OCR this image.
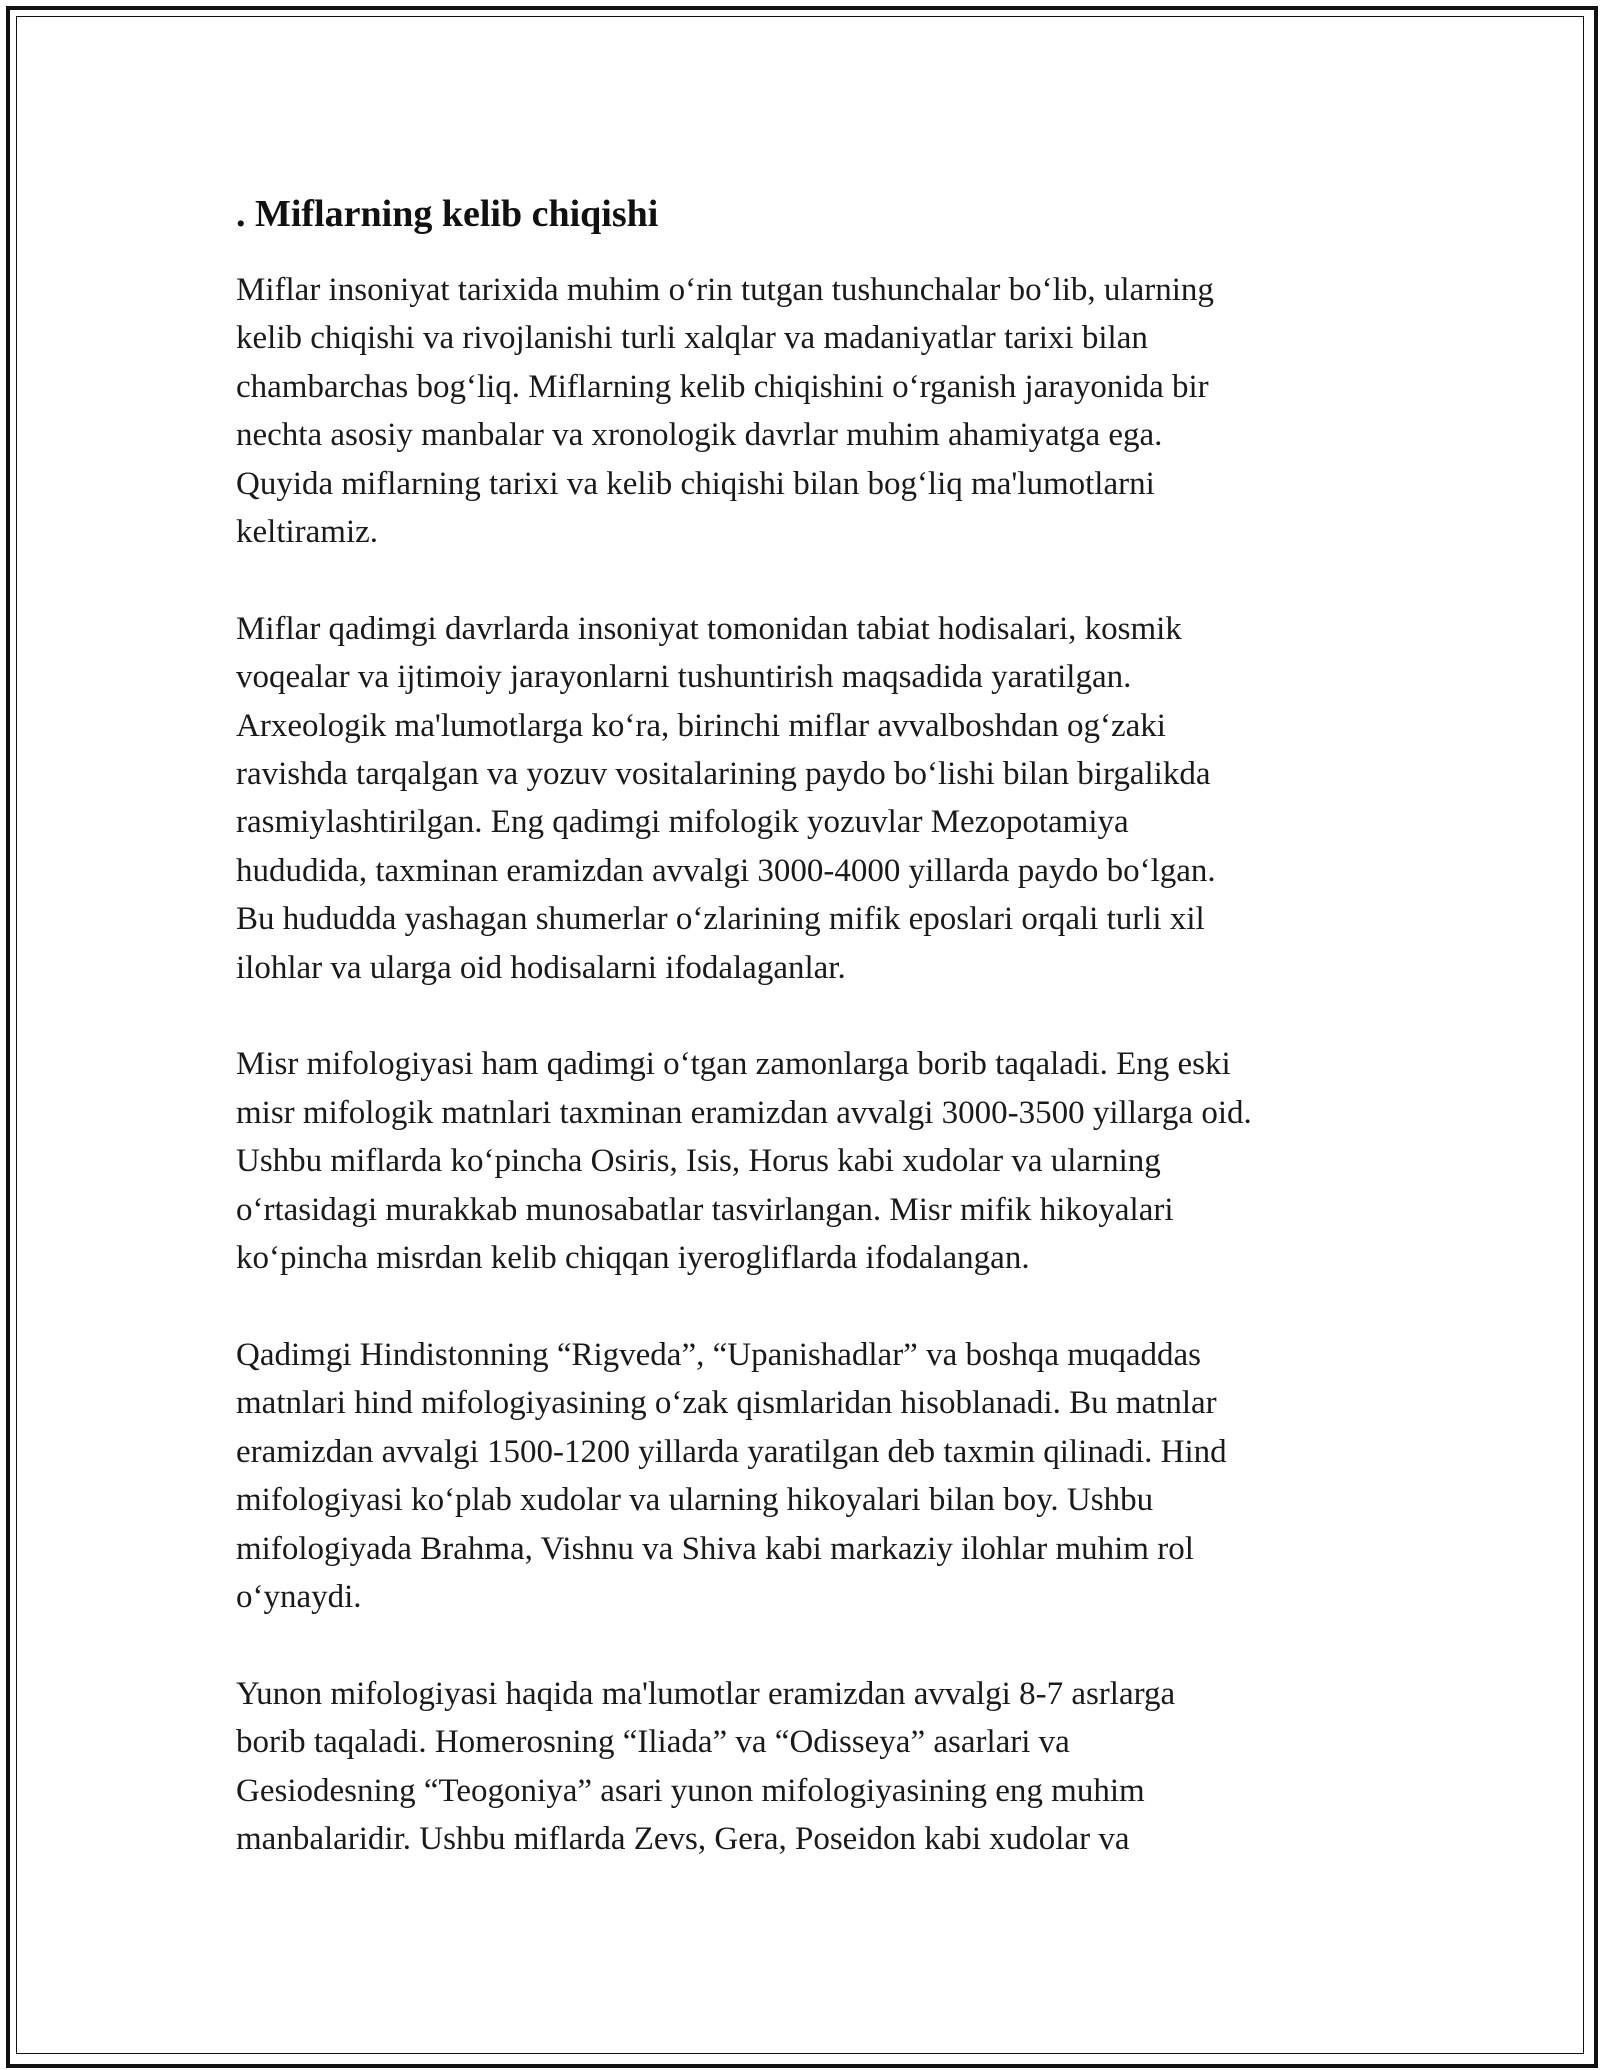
. Miflarning kelib chiqishi

Miflar insoniyat tarixida muhim o‘rin tutgan tushunchalar bo‘lib, ularning
kelib chiqishi va rivojlanishi turli xalqlar va madaniyatlar tarixi bilan
chambarchas bog‘liq. Miflarning kelib chiqishini o‘rganish jarayonida bir
nechta asosiy manbalar va xronologik davrlar muhim ahamiyatga ega.
Quyida miflarning tarixi va kelib chiqishi bilan bog‘liq ma'lumotlarni
keltiramiz.

Miflar qadimgi davrlarda insoniyat tomonidan tabiat hodisalari, kosmik
voqealar va ijtimoiy jarayonlarni tushuntirish maqsadida yaratilgan.
Arxeologik ma'lumotlarga ko‘ra, birinchi miflar avvalboshdan og‘zaki
ravishda tarqalgan va yozuv vositalarining paydo bo‘lishi bilan birgalikda
rasmiylashtirilgan. Eng qadimgi mifologik yozuvlar Mezopotamiya
hududida, taxminan eramizdan avvalgi 3000-4000 yillarda paydo bo‘lgan.
Bu hududda yashagan shumerlar o‘zlarining mifik eposlari orqali turli xil
ilohlar va ularga oid hodisalarni ifodalaganlar.

Misr mifologiyasi ham qadimgi o‘tgan zamonlarga borib taqaladi. Eng eski
misr mifologik matnlari taxminan eramizdan avvalgi 3000-3500 yillarga oid.
Ushbu miflarda ko‘pincha Osiris, Isis, Horus kabi xudolar va ularning
o‘rtasidagi murakkab munosabatlar tasvirlangan. Misr mifik hikoyalari
ko‘pincha misrdan kelib chiqqan iyerogliflarda ifodalangan.

Qadimgi Hindistonning “Rigveda”, “Upanishadlar” va boshqa muqaddas
matnlari hind mifologiyasining o‘zak qismlaridan hisoblanadi. Bu matnlar
eramizdan avvalgi 1500-1200 yillarda yaratilgan deb taxmin qilinadi. Hind
mifologiyasi ko‘plab xudolar va ularning hikoyalari bilan boy. Ushbu
mifologiyada Brahma, Vishnu va Shiva kabi markaziy ilohlar muhim rol
o‘ynaydi.

Yunon mifologiyasi haqida ma'lumotlar eramizdan avvalgi 8-7 asrlarga
borib taqaladi. Homerosning “Iliada” va “Odisseya” asarlari va
Gesiodesning “Teogoniya” asari yunon mifologiyasining eng muhim
manbalaridir. Ushbu miflarda Zevs, Gera, Poseidon kabi xudolar va
